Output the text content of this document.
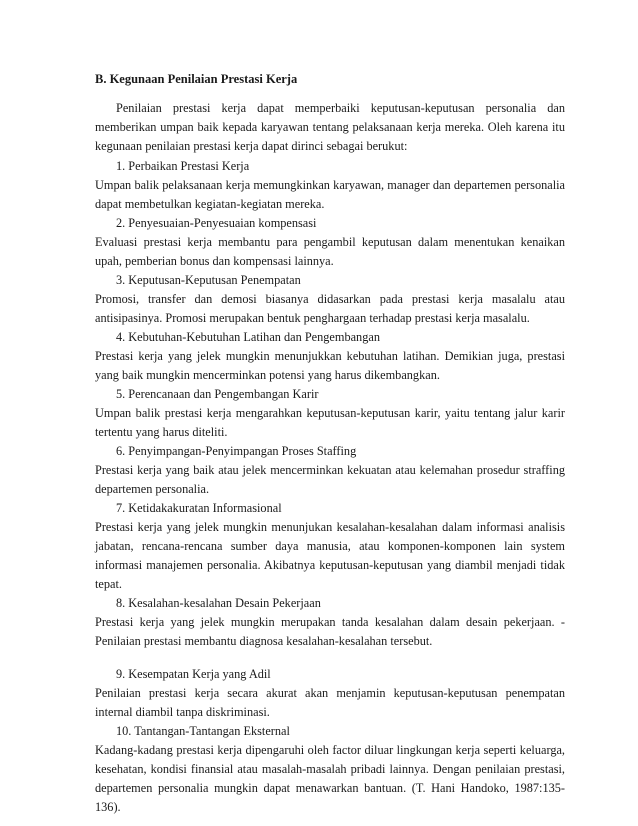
B. Kegunaan Penilaian Prestasi Kerja

Penilaian prestasi kerja dapat memperbaiki keputusan-keputusan personalia dan memberikan umpan baik kepada karyawan tentang pelaksanaan kerja mereka. Oleh karena itu kegunaan penilaian prestasi kerja dapat dirinci sebagai berukut:

1. Perbaikan Prestasi Kerja

Umpan balik pelaksanaan kerja memungkinkan karyawan, manager dan departemen personalia dapat membetulkan kegiatan-kegiatan mereka.

2. Penyesuaian-Penyesuaian kompensasi

Evaluasi prestasi kerja membantu para pengambil keputusan dalam menentukan kenaikan upah, pemberian bonus dan kompensasi lainnya.

3. Keputusan-Keputusan Penempatan

Promosi, transfer dan demosi biasanya didasarkan pada prestasi kerja masalalu atau antisipasinya. Promosi merupakan bentuk penghargaan terhadap prestasi kerja masalalu.

4. Kebutuhan-Kebutuhan Latihan dan Pengembangan

Prestasi kerja yang jelek mungkin menunjukkan kebutuhan latihan. Demikian juga, prestasi yang baik mungkin mencerminkan potensi yang harus dikembangkan.

5. Perencanaan dan Pengembangan Karir

Umpan balik prestasi kerja mengarahkan keputusan-keputusan karir, yaitu tentang jalur karir tertentu yang harus diteliti.

6. Penyimpangan-Penyimpangan Proses Staffing

Prestasi kerja yang baik atau jelek mencerminkan kekuatan atau kelemahan prosedur straffing departemen personalia.

7. Ketidakakuratan Informasional

Prestasi kerja yang jelek mungkin menunjukan kesalahan-kesalahan dalam informasi analisis jabatan, rencana-rencana sumber daya manusia, atau komponen-komponen lain system informasi manajemen personalia. Akibatnya keputusan-keputusan yang diambil menjadi tidak tepat.

8. Kesalahan-kesalahan Desain Pekerjaan

Prestasi kerja yang jelek mungkin merupakan tanda kesalahan dalam desain pekerjaan. - Penilaian prestasi membantu diagnosa kesalahan-kesalahan tersebut.

9. Kesempatan Kerja yang Adil

Penilaian prestasi kerja secara akurat akan menjamin keputusan-keputusan penempatan internal diambil tanpa diskriminasi.

10. Tantangan-Tantangan Eksternal

Kadang-kadang prestasi kerja dipengaruhi oleh factor diluar lingkungan kerja seperti keluarga, kesehatan, kondisi finansial atau masalah-masalah pribadi lainnya. Dengan penilaian prestasi, departemen personalia mungkin dapat menawarkan bantuan. (T. Hani Handoko, 1987:135-136).
